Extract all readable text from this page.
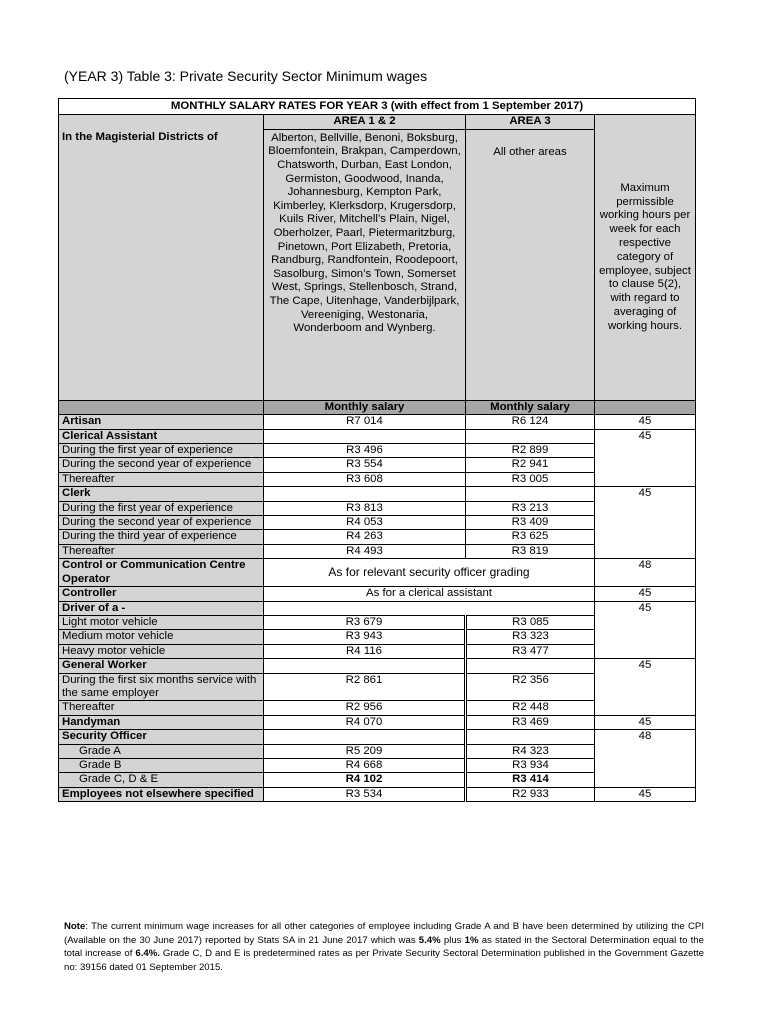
(YEAR 3) Table 3: Private Security Sector Minimum wages
MONTHLY SALARY RATES FOR YEAR 3 (with effect from 1 September 2017)			
In the Magisterial Districts of	AREA 1 & 2	AREA 3	Maximum permissible working hours per week for each respective category of employee, subject to clause 5(2), with regard to averaging of working hours.
	Alberton, Bellville, Benoni, Boksburg, Bloemfontein, Brakpan, Camperdown, Chatsworth, Durban, East London, Germiston, Goodwood, Inanda, Johannesburg, Kempton Park, Kimberley, Klerksdorp, Krugersdorp, Kuils River, Mitchell’s Plain, Nigel, Oberholzer, Paarl, Pietermaritzburg, Pinetown, Port Elizabeth, Pretoria, Randburg, Randfontein, Roodepoort, Sasolburg, Simon’s Town, Somerset West, Springs, Stellenbosch, Strand, The Cape, Uitenhage, Vanderbijlpark, Vereeniging, Westonaria, Wonderboom and Wynberg.	All other areas	
	Monthly salary	Monthly salary	
Artisan	R7 014	R6 124	45
Clerical Assistant			45
During the first year of experience	R3 496	R2 899	
During the second year of experience	R3 554	R2 941	
Thereafter	R3 608	R3 005	
Clerk			45
During the first year of experience	R3 813	R3 213	
During the second year of experience	R4 053	R3 409	
During the third year of experience	R4 263	R3 625	
Thereafter	R4 493	R3 819	
Control or Communication Centre Operator	As for relevant security officer grading		48
Controller	As for a clerical assistant		45
Driver of a -			45
Light motor vehicle	R3 679	R3 085	
Medium motor vehicle	R3 943	R3 323	
Heavy motor vehicle	R4 116	R3 477	
General Worker			45
During the first six months service with the same employer	R2 861	R2 356	
Thereafter	R2 956	R2 448	
Handyman	R4 070	R3 469	45
Security Officer			48
Grade A	R5 209	R4 323	
Grade B	R4 668	R3 934	
Grade C, D & E	R4 102	R3 414	
Employees not elsewhere specified	R3 534	R2 933	45
Note: The current minimum wage increases for all other categories of employee including Grade A and B have been determined by utilizing the CPI (Available on the 30 June 2017) reported by Stats SA in 21 June 2017 which was 5.4% plus 1% as stated in the Sectoral Determination equal to the total increase of 6.4%. Grade C, D and E is predetermined rates as per Private Security Sectoral Determination published in the Government Gazette no: 39156 dated 01 September 2015.
